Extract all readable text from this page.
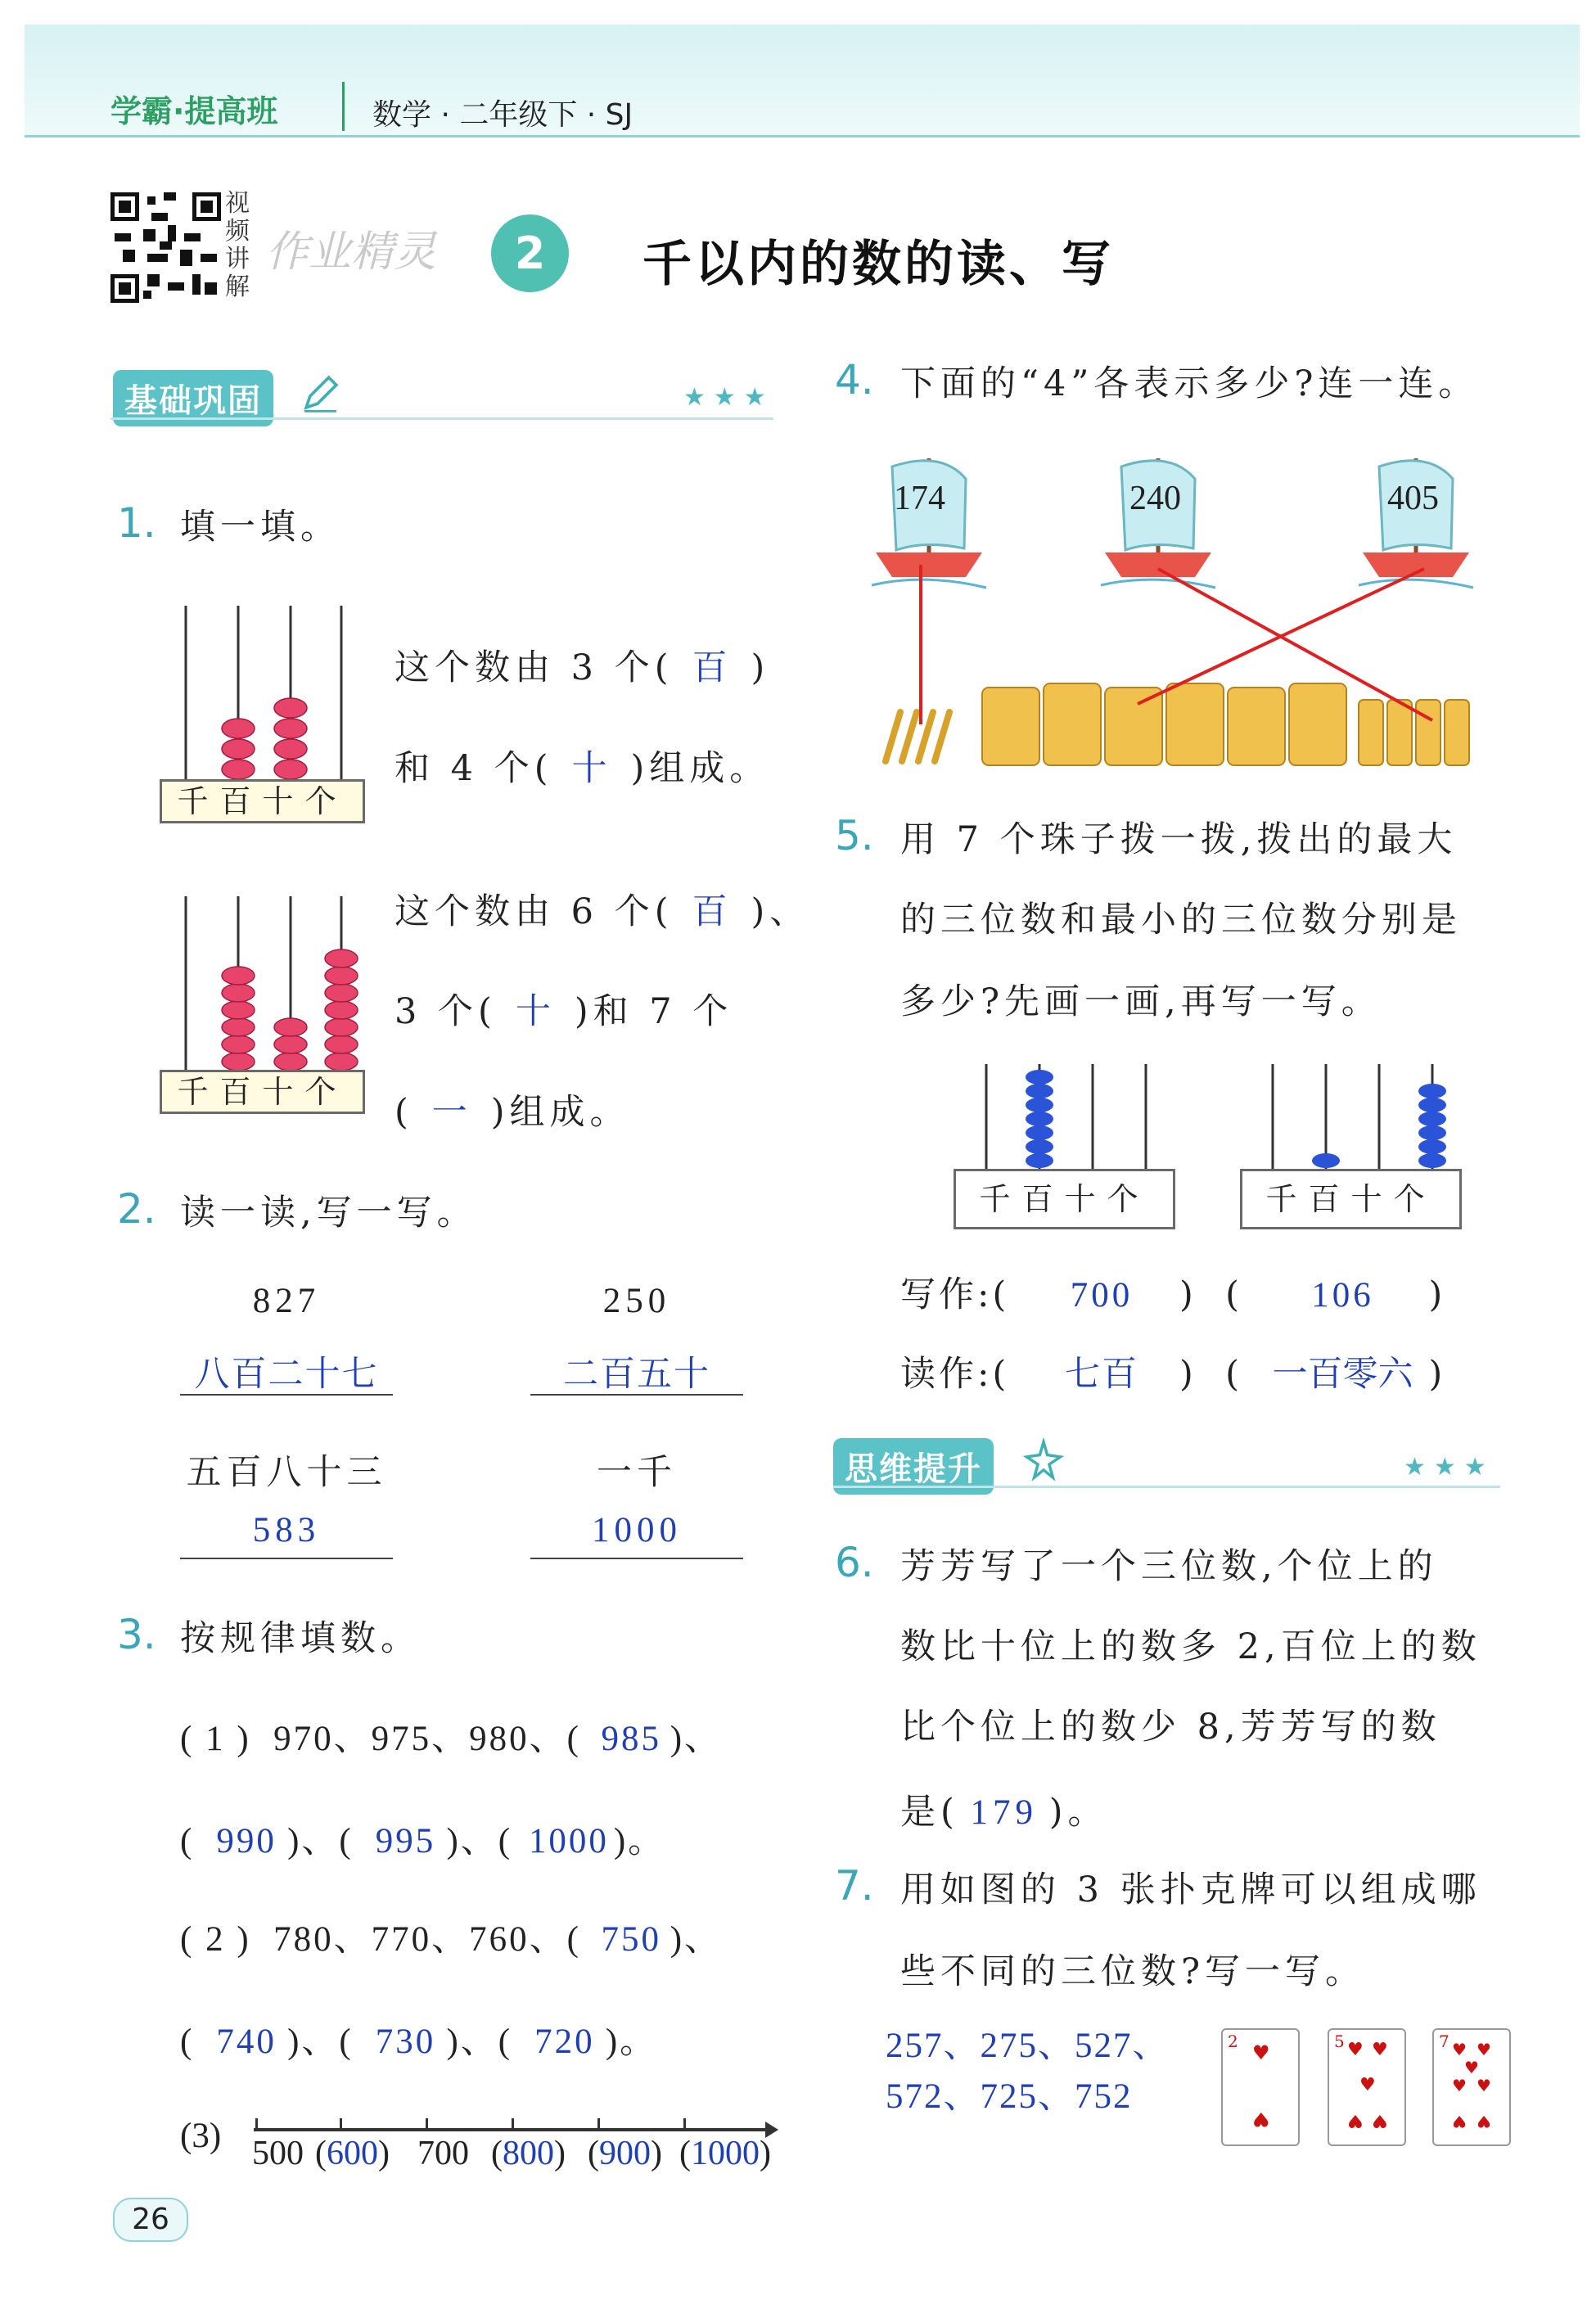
学霸·提高班	数学 · 二年级下 · SJ
视
频
讲
解
作业精灵	2	千以内的数的读、写
基础巩固	★★★
1. 填一填。
千百十个
这个数由 3 个( 百 )
和 4 个( 十 )组成。
千百十个
这个数由 6 个( 百 )、
3 个( 十 )和 7 个
( 一 )组成。
2. 读一读,写一写。
827
八百二十七
250
二百五十
五百八十三
583
一千
1000
3. 按规律填数。
( 1 ) 970、975、980、( 985 )、
( 990 )、( 995 )、( 1000 )。
( 2 ) 780、770、760、( 750 )、
( 740 )、( 730 )、( 720 )。
(3) 500 (600) 700 (800) (900) (1000)
26
4. 下面的“4”各表示多少?连一连。
174	240	405
5. 用 7 个珠子拨一拨,拨出的最大
的三位数和最小的三位数分别是
多少?先画一画,再写一写。
千百十个	千百十个
写作:( 700 )  ( 106 )
读作:( 七百 )  ( 一百零六 )
思维提升	★★★
6. 芳芳写了一个三位数,个位上的
数比十位上的数多 2,百位上的数
比个位上的数少 8,芳芳写的数
是( 179 )。
7. 用如图的 3 张扑克牌可以组成哪
些不同的三位数?写一写。
257、275、527、
572、725、752
2 ♥
♥
5 ♥ ♥
♥
♥ ♥
7 ♥ ♥
♥
♥ ♥
♥ ♥
